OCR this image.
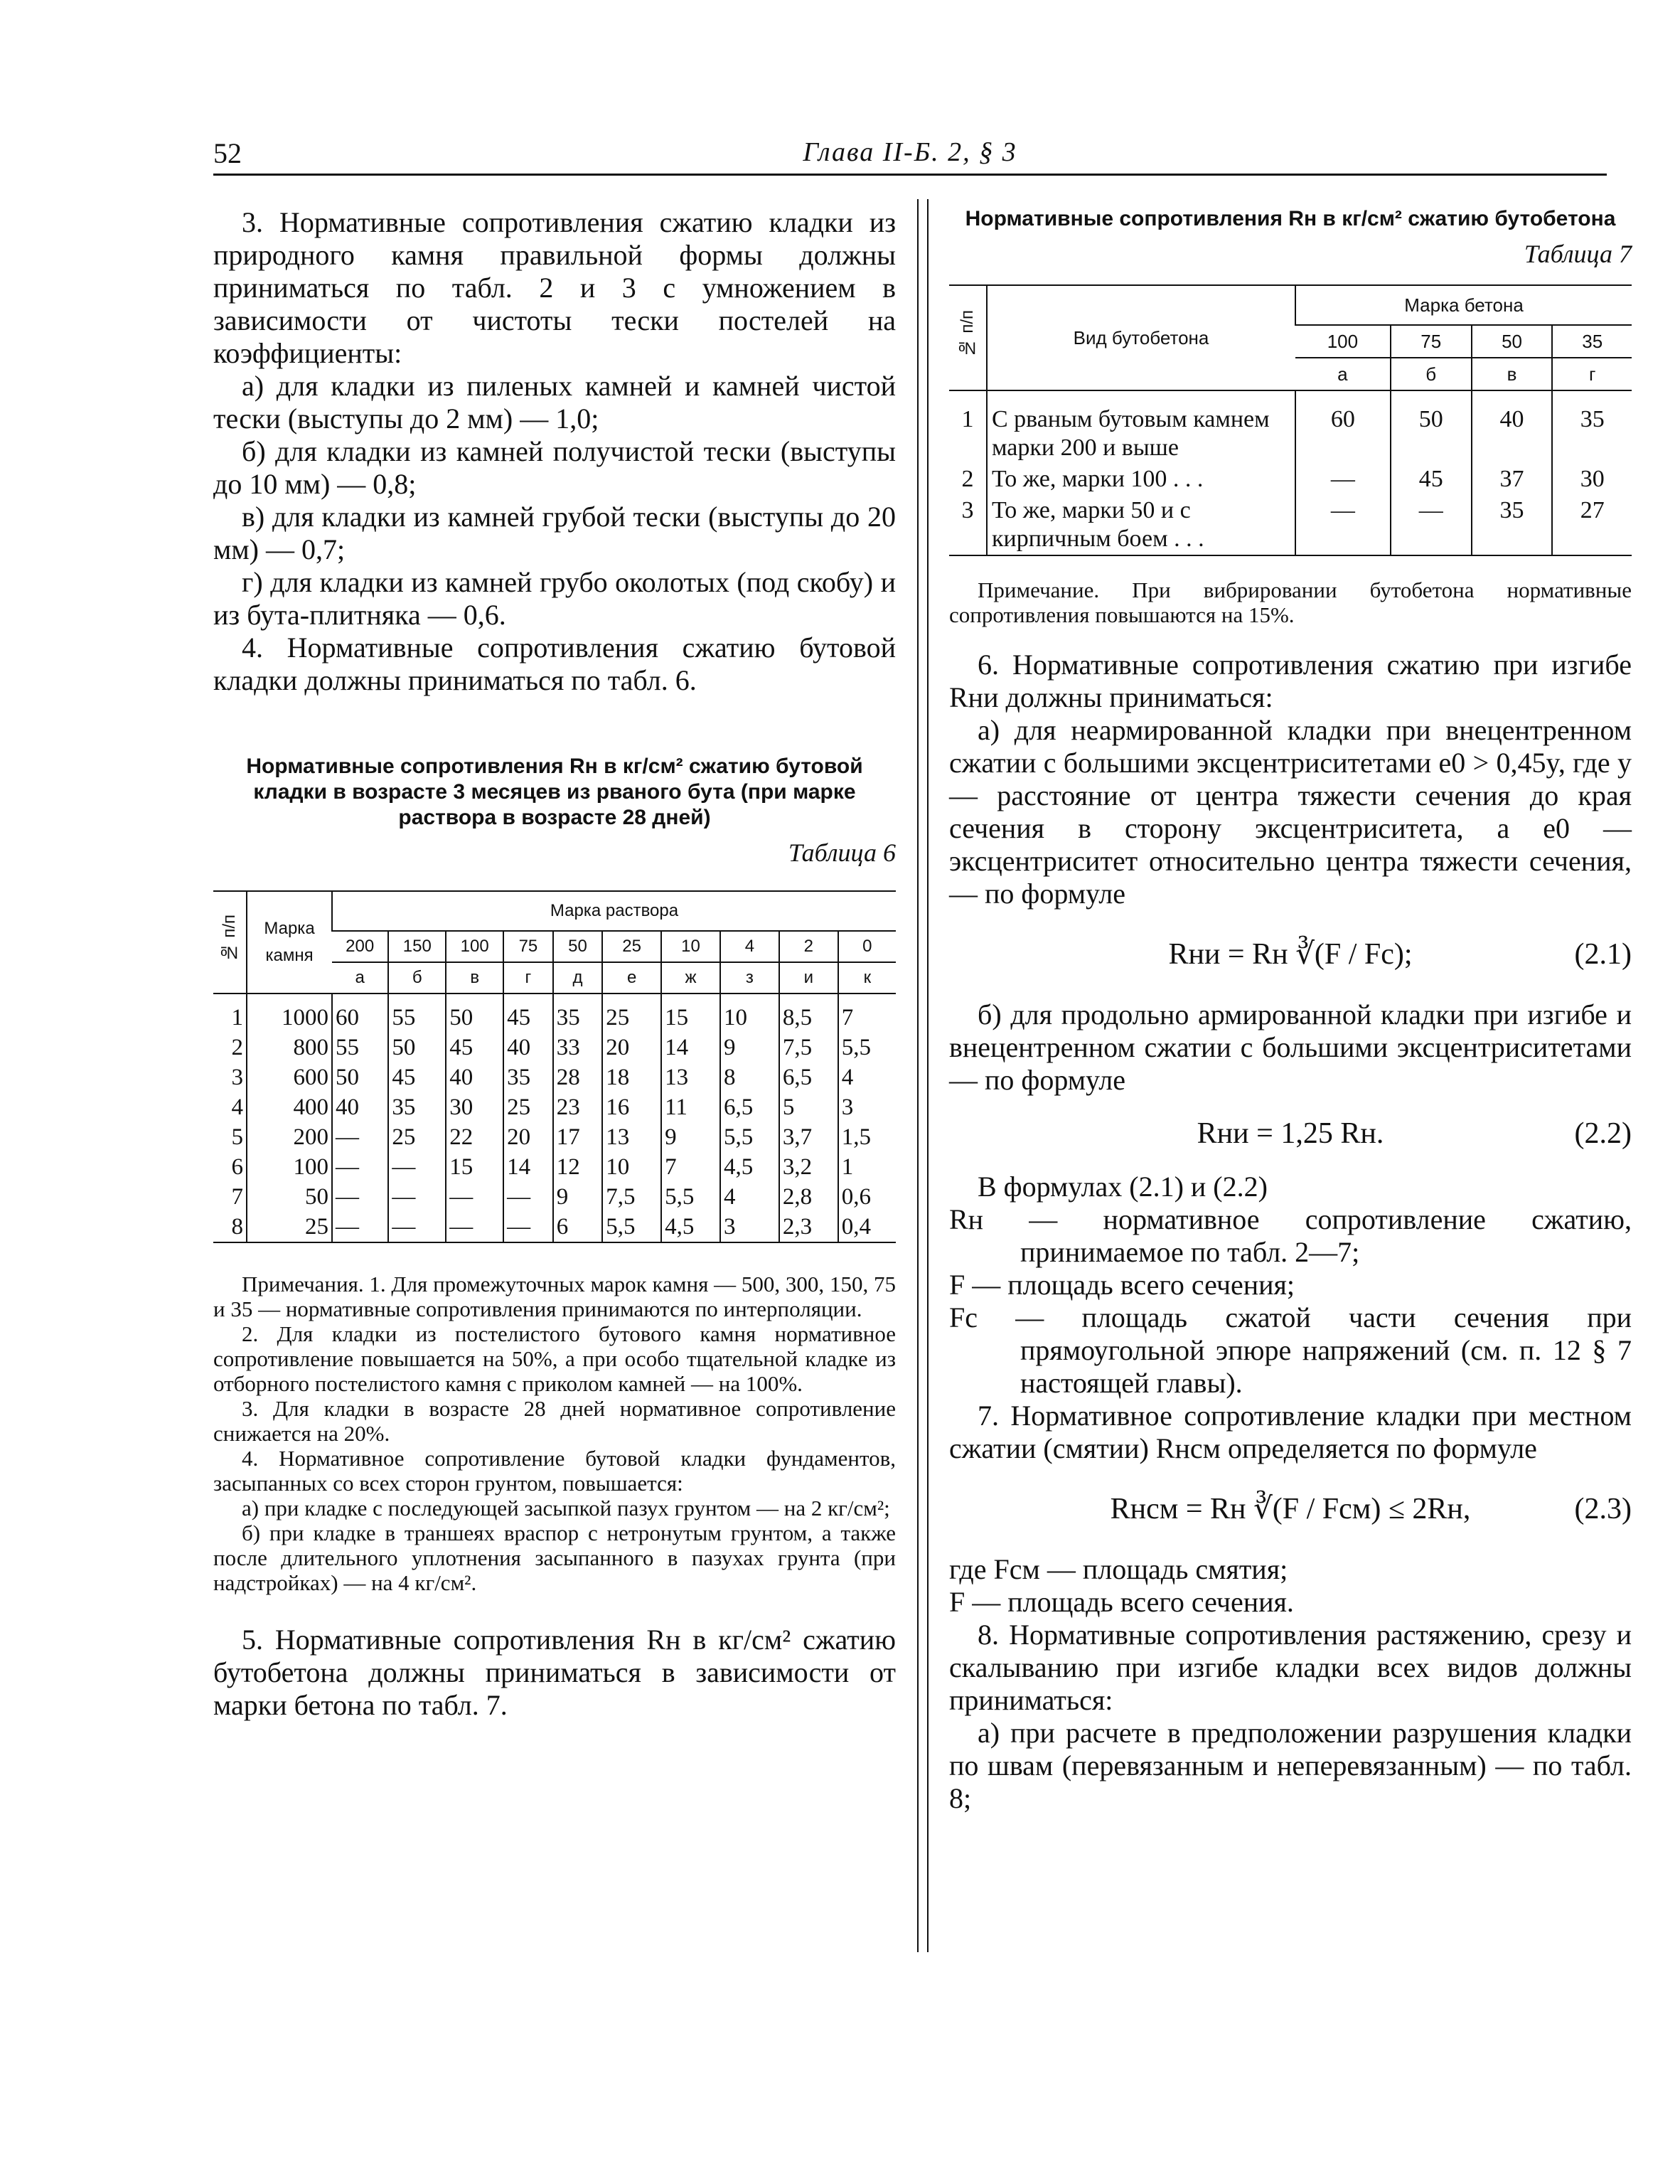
52	Глава II-Б. 2, § 3

3. Нормативные сопротивления сжатию кладки из природного камня правильной формы должны приниматься по табл. 2 и 3 с умножением в зависимости от чистоты тески постелей на коэффициенты:

а) для кладки из пиленых камней и камней чистой тески (выступы до 2 мм) — 1,0;

б) для кладки из камней получистой тески (выступы до 10 мм) — 0,8;

в) для кладки из камней грубой тески (выступы до 20 мм) — 0,7;

г) для кладки из камней грубо околотых (под скобу) и из бута-плитняка — 0,6.

4. Нормативные сопротивления сжатию бутовой кладки должны приниматься по табл. 6.

Нормативные сопротивления Rн в кг/см² сжатию бутовой кладки в возрасте 3 месяцев из рваного бута (при марке раствора в возрасте 28 дней)

Таблица 6

№ п/п	Марка камня	Марка раствора									
		200	150	100	75	50	25	10	4	2	0
		а	б	в	г	д	е	ж	з	и	к
1	1000	60	55	50	45	35	25	15	10	8,5	7
2	800	55	50	45	40	33	20	14	9	7,5	5,5
3	600	50	45	40	35	28	18	13	8	6,5	4
4	400	40	35	30	25	23	16	11	6,5	5	3
5	200	—	25	22	20	17	13	9	5,5	3,7	1,5
6	100	—	—	15	14	12	10	7	4,5	3,2	1
7	50	—	—	—	—	9	7,5	5,5	4	2,8	0,6
8	25	—	—	—	—	6	5,5	4,5	3	2,3	0,4

Примечания. 1. Для промежуточных марок камня — 500, 300, 150, 75 и 35 — нормативные сопротивления принимаются по интерполяции.

2. Для кладки из постелистого бутового камня нормативное сопротивление повышается на 50%, а при особо тщательной кладке из отборного постелистого камня с приколом камней — на 100%.

3. Для кладки в возрасте 28 дней нормативное сопротивление снижается на 20%.

4. Нормативное сопротивление бутовой кладки фундаментов, засыпанных со всех сторон грунтом, повышается:

а) при кладке с последующей засыпкой пазух грунтом — на 2 кг/см²;

б) при кладке в траншеях враспор с нетронутым грунтом, а также после длительного уплотнения засыпанного в пазухах грунта (при надстройках) — на 4 кг/см².

5. Нормативные сопротивления Rн в кг/см² сжатию бутобетона должны приниматься в зависимости от марки бетона по табл. 7.

Нормативные сопротивления Rн в кг/см² сжатию бутобетона

Таблица 7

№ п/п	Вид бутобетона	Марка бетона			
		100	75	50	35
		а	б	в	г
1	С рваным бутовым камнем марки 200 и выше	60	50	40	35
2	То же, марки 100 . . .	—	45	37	30
3	То же, марки 50 и с кирпичным боем . . .	—	—	35	27

Примечание. При вибрировании бутобетона нормативные сопротивления повышаются на 15%.

6. Нормативные сопротивления сжатию при изгибе Rни должны приниматься:

а) для неармированной кладки при внецентренном сжатии с большими эксцентриситетами e0 > 0,45y, где y — расстояние от центра тяжести сечения до края сечения в сторону эксцентриситета, а e0 — эксцентриситет относительно центра тяжести сечения,— по формуле

Rни = Rн ∛(F / Fс);	(2.1)

б) для продольно армированной кладки при изгибе и внецентренном сжатии с большими эксцентриситетами — по формуле

Rни = 1,25 Rн.	(2.2)

В формулах (2.1) и (2.2)

Rн — нормативное сопротивление сжатию, принимаемое по табл. 2—7;

F — площадь всего сечения;

Fс — площадь сжатой части сечения при прямоугольной эпюре напряжений (см. п. 12 § 7 настоящей главы).

7. Нормативное сопротивление кладки при местном сжатии (смятии) Rнсм определяется по формуле

Rнсм = Rн ∛(F / Fсм) ≤ 2Rн,	(2.3)

где Fсм — площадь смятия;

F — площадь всего сечения.

8. Нормативные сопротивления растяжению, срезу и скалыванию при изгибе кладки всех видов должны приниматься:

а) при расчете в предположении разрушения кладки по швам (перевязанным и неперевязанным) — по табл. 8;
